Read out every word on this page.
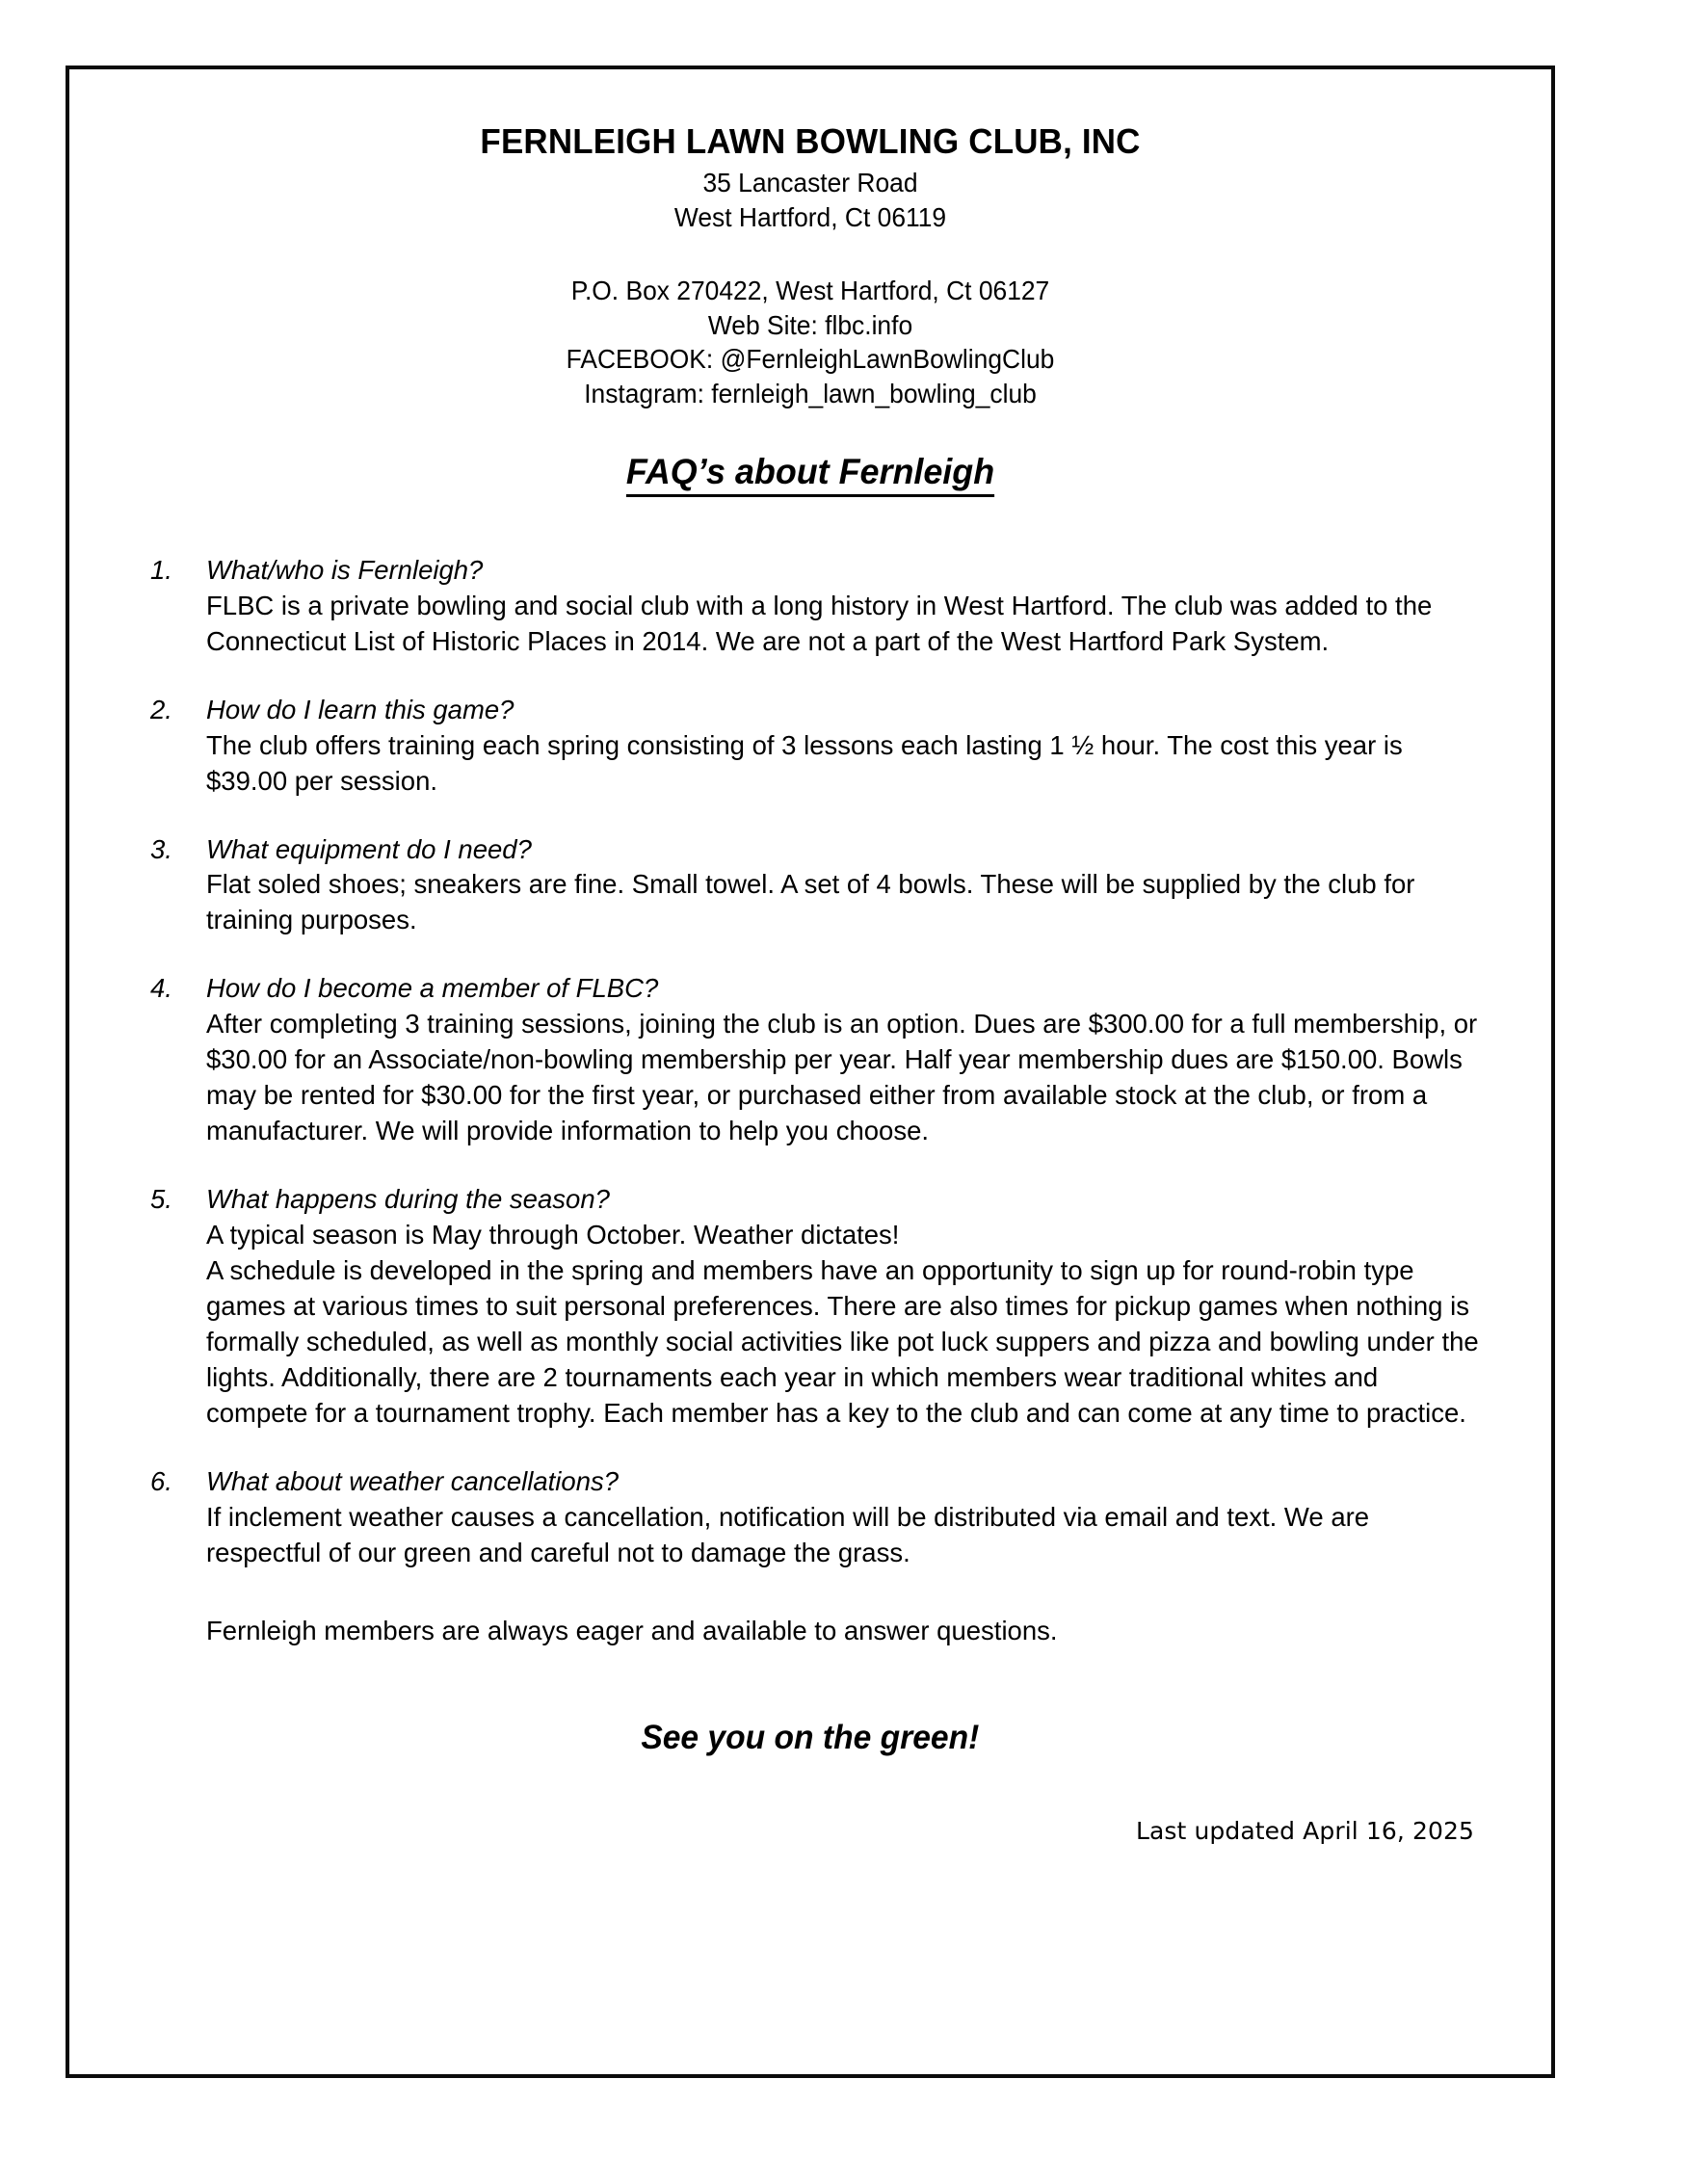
FERNLEIGH LAWN BOWLING CLUB, INC
35 Lancaster Road
West Hartford, Ct 06119
P.O. Box 270422, West Hartford, Ct 06127
Web Site: flbc.info
FACEBOOK: @FernleighLawnBowlingClub
Instagram: fernleigh_lawn_bowling_club
FAQ’s about Fernleigh
1.	What/who is Fernleigh?

FLBC is a private bowling and social club with a long history in West Hartford. The club was added to the Connecticut List of Historic Places in 2014. We are not a part of the West Hartford Park System.

2.	How do I learn this game?

The club offers training each spring consisting of 3 lessons each lasting 1 ½ hour. The cost this year is $39.00 per session.

3.	What equipment do I need?

Flat soled shoes; sneakers are fine. Small towel. A set of 4 bowls. These will be supplied by the club for training purposes.

4.	How do I become a member of FLBC?

After completing 3 training sessions, joining the club is an option. Dues are $300.00 for a full membership, or $30.00 for an Associate/non-bowling membership per year. Half year membership dues are $150.00. Bowls may be rented for $30.00 for the first year, or purchased either from available stock at the club, or from a manufacturer. We will provide information to help you choose.

5.	What happens during the season?

A typical season is May through October. Weather dictates!

A schedule is developed in the spring and members have an opportunity to sign up for round-robin type games at various times to suit personal preferences. There are also times for pickup games when nothing is formally scheduled, as well as monthly social activities like pot luck suppers and pizza and bowling under the lights. Additionally, there are 2 tournaments each year in which members wear traditional whites and compete for a tournament trophy. Each member has a key to the club and can come at any time to practice.

6.	What about weather cancellations?

If inclement weather causes a cancellation, notification will be distributed via email and text. We are respectful of our green and careful not to damage the grass.

Fernleigh members are always eager and available to answer questions.

See you on the green!
Last updated April 16, 2025
